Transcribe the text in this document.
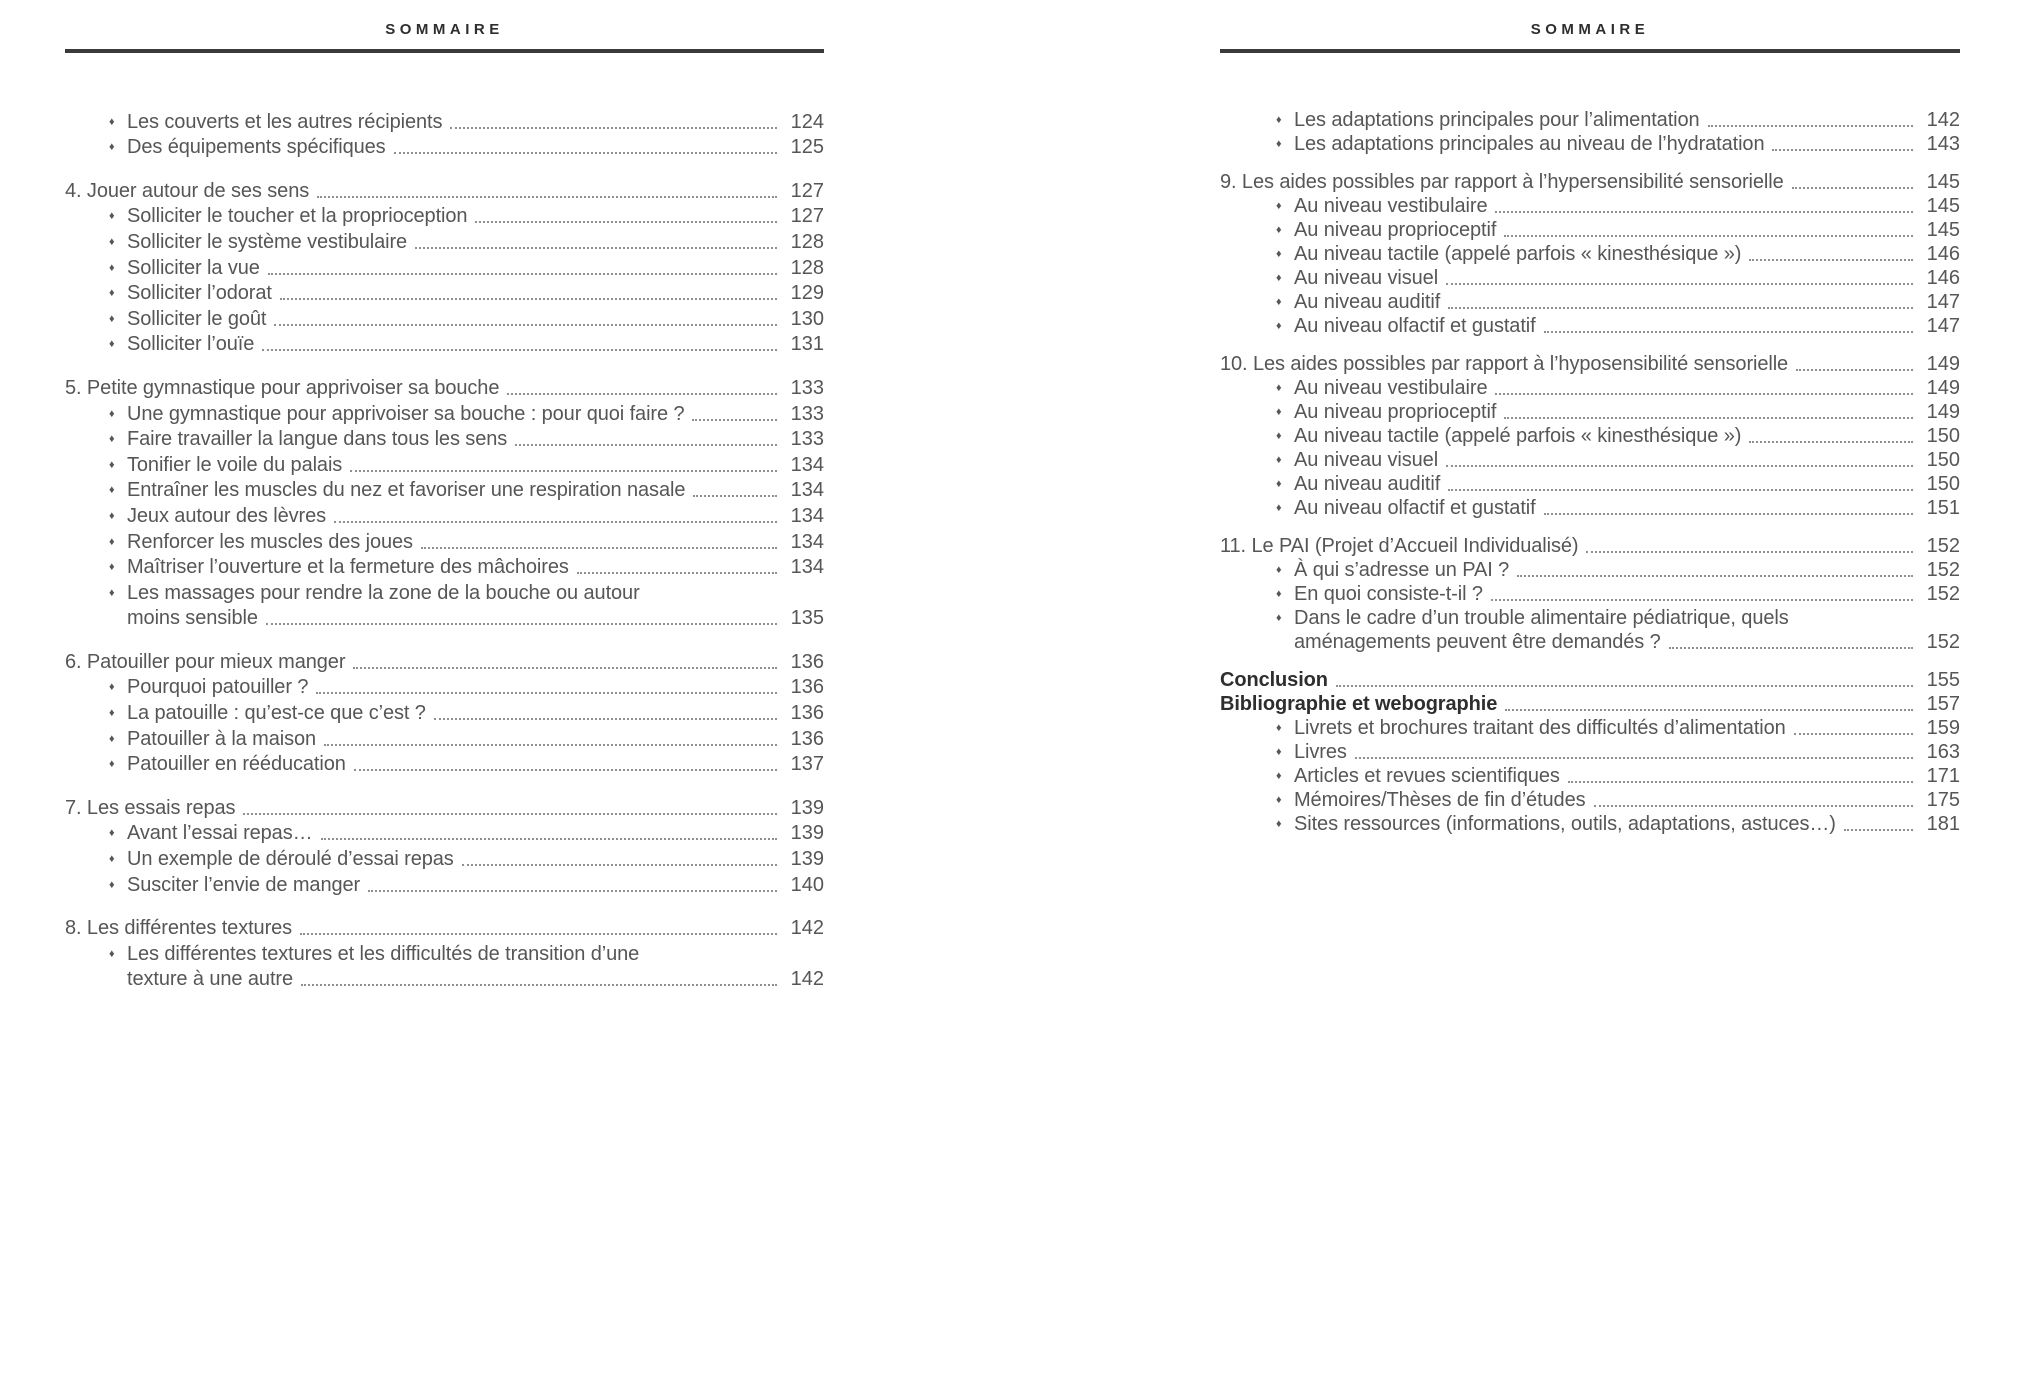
SOMMAIRE
♦ Les couverts et les autres récipients	124
♦ Des équipements spécifiques	125
4. Jouer autour de ses sens	127
♦ Solliciter le toucher et la proprioception	127
♦ Solliciter le système vestibulaire	128
♦ Solliciter la vue	128
♦ Solliciter l’odorat	129
♦ Solliciter le goût	130
♦ Solliciter l’ouïe	131
5. Petite gymnastique pour apprivoiser sa bouche	133
♦ Une gymnastique pour apprivoiser sa bouche : pour quoi faire ?	133
♦ Faire travailler la langue dans tous les sens	133
♦ Tonifier le voile du palais	134
♦ Entraîner les muscles du nez et favoriser une respiration nasale	134
♦ Jeux autour des lèvres	134
♦ Renforcer les muscles des joues	134
♦ Maîtriser l’ouverture et la fermeture des mâchoires	134
♦ Les massages pour rendre la zone de la bouche ou autour
moins sensible	135
6. Patouiller pour mieux manger	136
♦ Pourquoi patouiller ?	136
♦ La patouille : qu’est-ce que c’est ?	136
♦ Patouiller à la maison	136
♦ Patouiller en rééducation	137
7. Les essais repas	139
♦ Avant l’essai repas…	139
♦ Un exemple de déroulé d’essai repas	139
♦ Susciter l’envie de manger	140
8. Les différentes textures	142
♦ Les différentes textures et les difficultés de transition d’une
texture à une autre	142
SOMMAIRE
♦ Les adaptations principales pour l’alimentation	142
♦ Les adaptations principales au niveau de l’hydratation	143
9. Les aides possibles par rapport à l’hypersensibilité sensorielle	145
♦ Au niveau vestibulaire	145
♦ Au niveau proprioceptif	145
♦ Au niveau tactile (appelé parfois « kinesthésique »)	146
♦ Au niveau visuel	146
♦ Au niveau auditif	147
♦ Au niveau olfactif et gustatif	147
10. Les aides possibles par rapport à l’hyposensibilité sensorielle	149
♦ Au niveau vestibulaire	149
♦ Au niveau proprioceptif	149
♦ Au niveau tactile (appelé parfois « kinesthésique »)	150
♦ Au niveau visuel	150
♦ Au niveau auditif	150
♦ Au niveau olfactif et gustatif	151
11. Le PAI (Projet d’Accueil Individualisé)	152
♦ À qui s’adresse un PAI ?	152
♦ En quoi consiste-t-il ?	152
♦ Dans le cadre d’un trouble alimentaire pédiatrique, quels
aménagements peuvent être demandés ?	152
Conclusion	155
Bibliographie et webographie	157
♦ Livrets et brochures traitant des difficultés d’alimentation	159
♦ Livres	163
♦ Articles et revues scientifiques	171
♦ Mémoires/Thèses de fin d’études	175
♦ Sites ressources (informations, outils, adaptations, astuces…)	181
